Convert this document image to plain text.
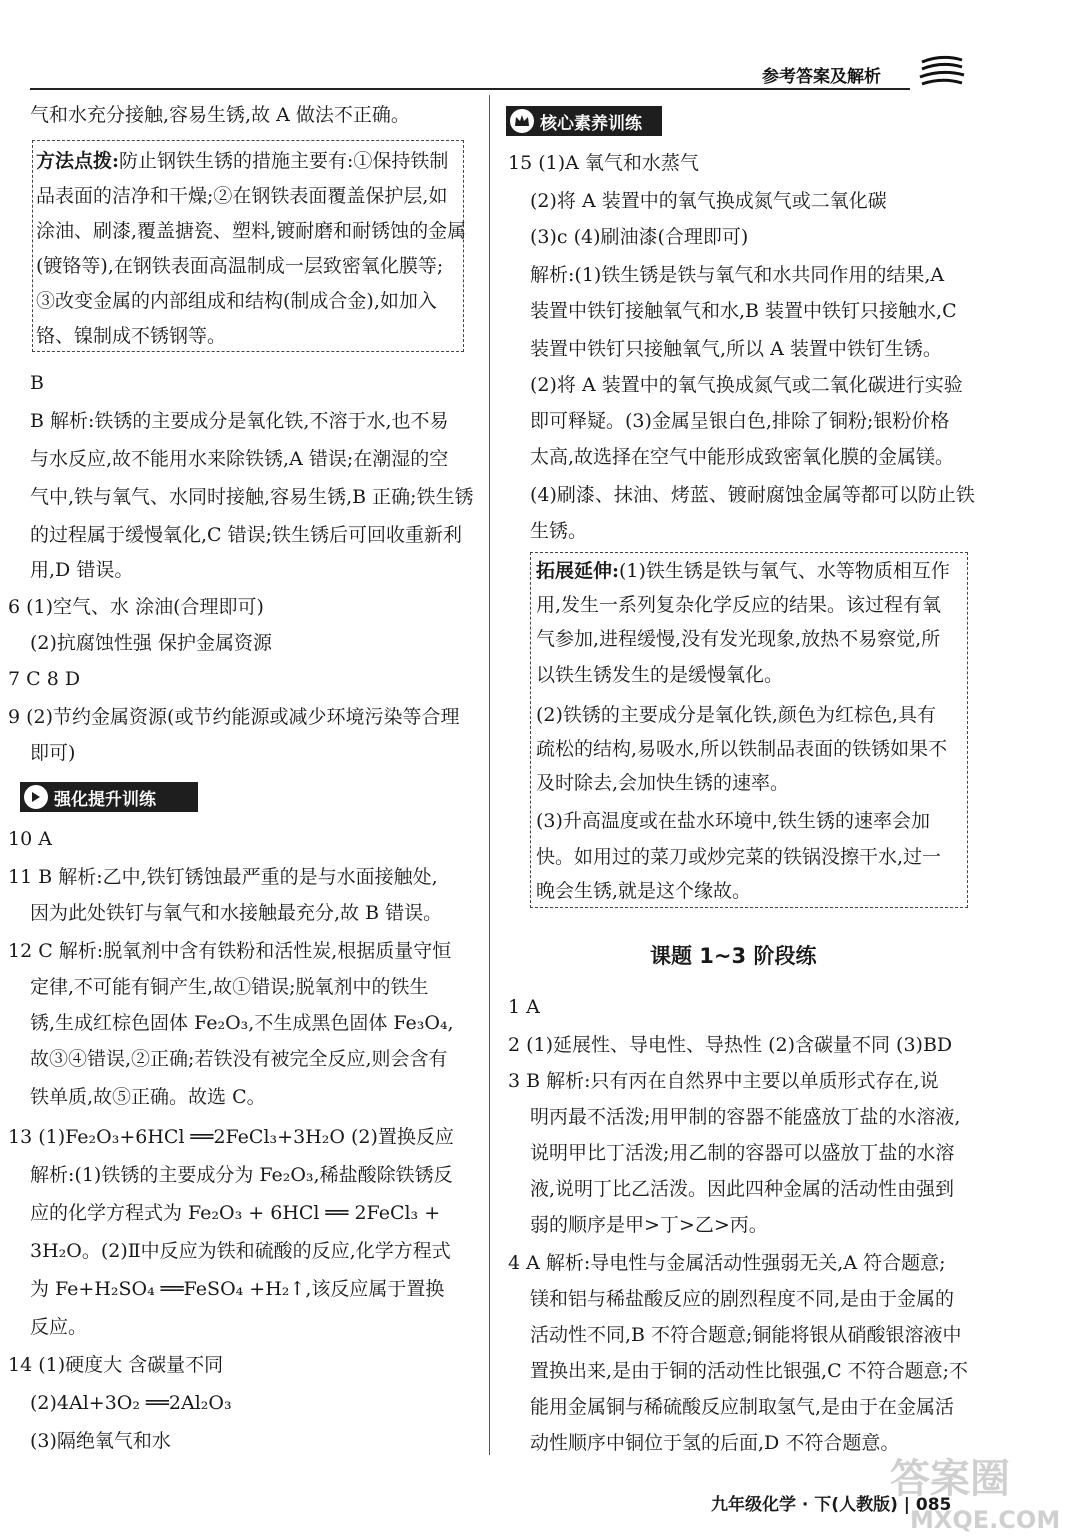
参考答案及解析
气和水充分接触,容易生锈,故 A 做法不正确。
方法点拨:防止钢铁生锈的措施主要有:①保持铁制
品表面的洁净和干燥;②在钢铁表面覆盖保护层,如
涂油、刷漆,覆盖搪瓷、塑料,镀耐磨和耐锈蚀的金属
(镀铬等),在钢铁表面高温制成一层致密氧化膜等;
③改变金属的内部组成和结构(制成合金),如加入
铬、镍制成不锈钢等。
B
B 解析:铁锈的主要成分是氧化铁,不溶于水,也不易
与水反应,故不能用水来除铁锈,A 错误;在潮湿的空
气中,铁与氧气、水同时接触,容易生锈,B 正确;铁生锈
的过程属于缓慢氧化,C 错误;铁生锈后可回收重新利
用,D 错误。
6 (1)空气、水 涂油(合理即可)
(2)抗腐蚀性强 保护金属资源
7 C 8 D
9 (2)节约金属资源(或节约能源或减少环境污染等合理
即可)
强化提升训练
10 A
11 B 解析:乙中,铁钉锈蚀最严重的是与水面接触处,
因为此处铁钉与氧气和水接触最充分,故 B 错误。
12 C 解析:脱氧剂中含有铁粉和活性炭,根据质量守恒
定律,不可能有铜产生,故①错误;脱氧剂中的铁生
锈,生成红棕色固体 Fe₂O₃,不生成黑色固体 Fe₃O₄,
故③④错误,②正确;若铁没有被完全反应,则会含有
铁单质,故⑤正确。故选 C。
13 (1)Fe₂O₃+6HCl ══2FeCl₃+3H₂O (2)置换反应
解析:(1)铁锈的主要成分为 Fe₂O₃,稀盐酸除铁锈反
应的化学方程式为 Fe₂O₃ + 6HCl ══ 2FeCl₃ +
3H₂O。(2)Ⅱ中反应为铁和硫酸的反应,化学方程式
为 Fe+H₂SO₄ ══FeSO₄ +H₂↑,该反应属于置换
反应。
14 (1)硬度大 含碳量不同
(2)4Al+3O₂ ══2Al₂O₃
(3)隔绝氧气和水
核心素养训练
15 (1)A 氧气和水蒸气
(2)将 A 装置中的氧气换成氮气或二氧化碳
(3)c (4)刷油漆(合理即可)
解析:(1)铁生锈是铁与氧气和水共同作用的结果,A
装置中铁钉接触氧气和水,B 装置中铁钉只接触水,C
装置中铁钉只接触氧气,所以 A 装置中铁钉生锈。
(2)将 A 装置中的氧气换成氮气或二氧化碳进行实验
即可释疑。(3)金属呈银白色,排除了铜粉;银粉价格
太高,故选择在空气中能形成致密氧化膜的金属镁。
(4)刷漆、抹油、烤蓝、镀耐腐蚀金属等都可以防止铁
生锈。
拓展延伸:(1)铁生锈是铁与氧气、水等物质相互作
用,发生一系列复杂化学反应的结果。该过程有氧
气参加,进程缓慢,没有发光现象,放热不易察觉,所
以铁生锈发生的是缓慢氧化。
(2)铁锈的主要成分是氧化铁,颜色为红棕色,具有
疏松的结构,易吸水,所以铁制品表面的铁锈如果不
及时除去,会加快生锈的速率。
(3)升高温度或在盐水环境中,铁生锈的速率会加
快。如用过的菜刀或炒完菜的铁锅没擦干水,过一
晚会生锈,就是这个缘故。
课题 1~3 阶段练
1 A
2 (1)延展性、导电性、导热性 (2)含碳量不同 (3)BD
3 B 解析:只有丙在自然界中主要以单质形式存在,说
明丙最不活泼;用甲制的容器不能盛放丁盐的水溶液,
说明甲比丁活泼;用乙制的容器可以盛放丁盐的水溶
液,说明丁比乙活泼。因此四种金属的活动性由强到
弱的顺序是甲>丁>乙>丙。
4 A 解析:导电性与金属活动性强弱无关,A 符合题意;
镁和铝与稀盐酸反应的剧烈程度不同,是由于金属的
活动性不同,B 不符合题意;铜能将银从硝酸银溶液中
置换出来,是由于铜的活动性比银强,C 不符合题意;不
能用金属铜与稀硫酸反应制取氢气,是由于在金属活
动性顺序中铜位于氢的后面,D 不符合题意。
九年级化学 · 下(人教版) | 085
答案圈
MXQE.COM
